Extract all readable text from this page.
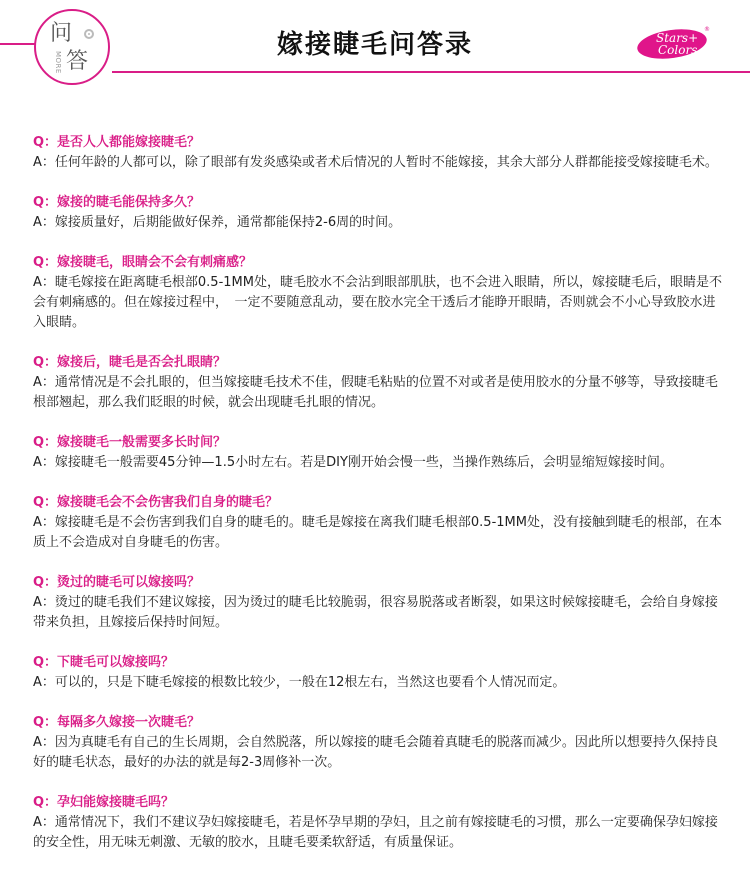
问
MORE 答
嫁接睫毛问答录	Stars+
Colors
®
Q：是否人人都能嫁接睫毛？
A：任何年龄的人都可以，除了眼部有发炎感染或者术后情况的人暂时不能嫁接，其余大部分人群都能接受嫁接睫毛术。
Q：嫁接的睫毛能保持多久？
A：嫁接质量好，后期能做好保养，通常都能保持2-6周的时间。
Q：嫁接睫毛，眼睛会不会有刺痛感？
A：睫毛嫁接在距离睫毛根部0.5-1MM处，睫毛胶水不会沾到眼部肌肤，也不会进入眼睛，所以，嫁接睫毛后，眼睛是不会有刺痛感的。但在嫁接过程中，　一定不要随意乱动，要在胶水完全干透后才能睁开眼睛，否则就会不小心导致胶水进入眼睛。
Q：嫁接后，睫毛是否会扎眼睛？
A：通常情况是不会扎眼的，但当嫁接睫毛技术不佳，假睫毛粘贴的位置不对或者是使用胶水的分量不够等，导致接睫毛根部翘起，那么我们眨眼的时候，就会出现睫毛扎眼的情况。
Q：嫁接睫毛一般需要多长时间？
A：嫁接睫毛一般需要45分钟—1.5小时左右。若是DIY刚开始会慢一些，当操作熟练后，会明显缩短嫁接时间。
Q：嫁接睫毛会不会伤害我们自身的睫毛？
A：嫁接睫毛是不会伤害到我们自身的睫毛的。睫毛是嫁接在离我们睫毛根部0.5-1MM处，没有接触到睫毛的根部，在本质上不会造成对自身睫毛的伤害。
Q：烫过的睫毛可以嫁接吗？
A：烫过的睫毛我们不建议嫁接，因为烫过的睫毛比较脆弱，很容易脱落或者断裂，如果这时候嫁接睫毛，会给自身嫁接带来负担，且嫁接后保持时间短。
Q：下睫毛可以嫁接吗？
A：可以的，只是下睫毛嫁接的根数比较少，一般在12根左右，当然这也要看个人情况而定。
Q：每隔多久嫁接一次睫毛？
A：因为真睫毛有自己的生长周期，会自然脱落，所以嫁接的睫毛会随着真睫毛的脱落而减少。因此所以想要持久保持良好的睫毛状态，最好的办法的就是每2-3周修补一次。
Q：孕妇能嫁接睫毛吗？
A：通常情况下，我们不建议孕妇嫁接睫毛，若是怀孕早期的孕妇，且之前有嫁接睫毛的习惯，那么一定要确保孕妇嫁接的安全性，用无味无刺激、无敏的胶水，且睫毛要柔软舒适，有质量保证。
